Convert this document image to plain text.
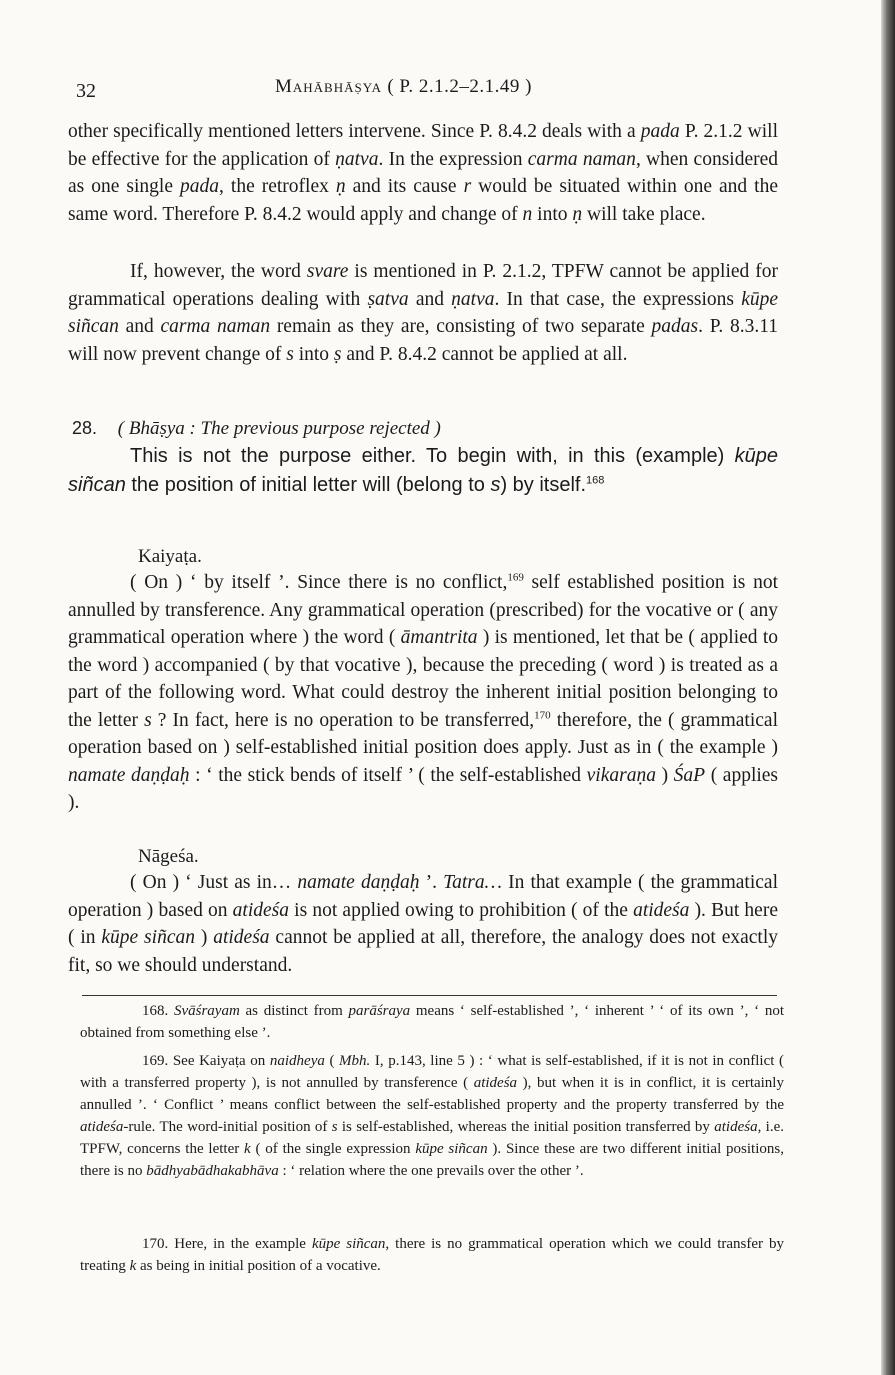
32	Mahābhāṣya ( P. 2.1.2–2.1.49 )

other specifically mentioned letters intervene. Since P. 8.4.2 deals with a pada P. 2.1.2 will be effective for the application of ṇatva. In the expression carma naman, when considered as one single pada, the retroflex ṇ and its cause r would be situated within one and the same word. Therefore P. 8.4.2 would apply and change of n into ṇ will take place.

If, however, the word svare is mentioned in P. 2.1.2, TPFW cannot be applied for grammatical operations dealing with ṣatva and ṇatva. In that case, the expressions kūpe siñcan and carma naman remain as they are, consisting of two separate padas. P. 8.3.11 will now prevent change of s into ṣ and P. 8.4.2 cannot be applied at all.

28. ( Bhāṣya : The previous purpose rejected )

This is not the purpose either. To begin with, in this (example) kūpe siñcan the position of initial letter will (belong to s) by itself.$^{168}$

Kaiyaṭa.

( On ) ‘ by itself ’. Since there is no conflict,$^{169}$ self established position is not annulled by transference. Any grammatical operation (prescribed) for the vocative or ( any grammatical operation where ) the word ( āmantrita ) is mentioned, let that be ( applied to the word ) accompanied ( by that vocative ), because the preceding ( word ) is treated as a part of the following word. What could destroy the inherent initial position belonging to the letter s ? In fact, here is no operation to be transferred,$^{170}$ therefore, the ( grammatical operation based on ) self-established initial position does apply. Just as in ( the example ) namate daṇḍaḥ : ‘ the stick bends of itself ’ ( the self-established vikaraṇa ) ŚaP ( applies ).

Nāgeśa.

( On ) ‘ Just as in… namate daṇḍaḥ ’. Tatra… In that example ( the grammatical operation ) based on atideśa is not applied owing to prohibition ( of the atideśa ). But here ( in kūpe siñcan ) atideśa cannot be applied at all, therefore, the analogy does not exactly fit, so we should understand.

168. Svāśrayam as distinct from parāśraya means ‘ self-established ’, ‘ inherent ’ ‘ of its own ’, ‘ not obtained from something else ’.

169. See Kaiyaṭa on naidheya ( Mbh. I, p.143, line 5 ) : ‘ what is self-established, if it is not in conflict ( with a transferred property ), is not annulled by transference ( atideśa ), but when it is in conflict, it is certainly annulled ’. ‘ Conflict ’ means conflict between the self-established property and the property transferred by the atideśa-rule. The word-initial position of s is self-established, whereas the initial position transferred by atideśa, i.e. TPFW, concerns the letter k ( of the single expression kūpe siñcan ). Since these are two different initial positions, there is no bādhyabādhakabhāva : ‘ relation where the one prevails over the other ’.

170. Here, in the example kūpe siñcan, there is no grammatical operation which we could transfer by treating k as being in initial position of a vocative.
